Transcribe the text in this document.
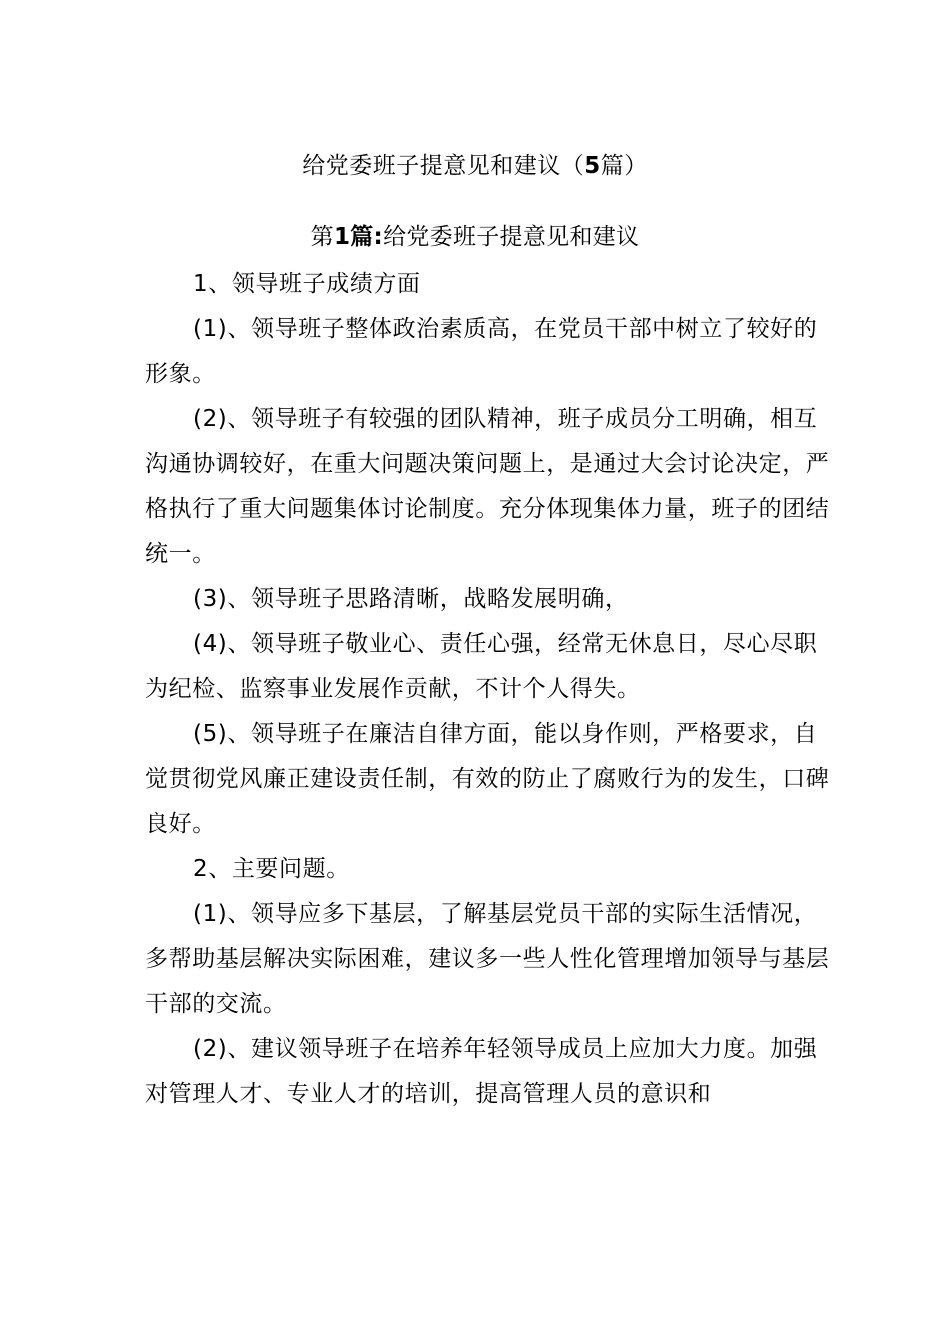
给党委班子提意见和建议（5篇）
第1篇:给党委班子提意见和建议

1、领导班子成绩方面

(1)、领导班子整体政治素质高，在党员干部中树立了较好的形象。

(2)、领导班子有较强的团队精神，班子成员分工明确，相互沟通协调较好，在重大问题决策问题上，是通过大会讨论决定，严格执行了重大问题集体讨论制度。充分体现集体力量，班子的团结统一。

(3)、领导班子思路清晰，战略发展明确，

(4)、领导班子敬业心、责任心强，经常无休息日，尽心尽职为纪检、监察事业发展作贡献，不计个人得失。

(5)、领导班子在廉洁自律方面，能以身作则，严格要求，自觉贯彻党风廉正建设责任制，有效的防止了腐败行为的发生，口碑良好。

2、主要问题。

(1)、领导应多下基层，了解基层党员干部的实际生活情况，多帮助基层解决实际困难，建议多一些人性化管理增加领导与基层干部的交流。

(2)、建议领导班子在培养年轻领导成员上应加大力度。加强对管理人才、专业人才的培训，提高管理人员的意识和
